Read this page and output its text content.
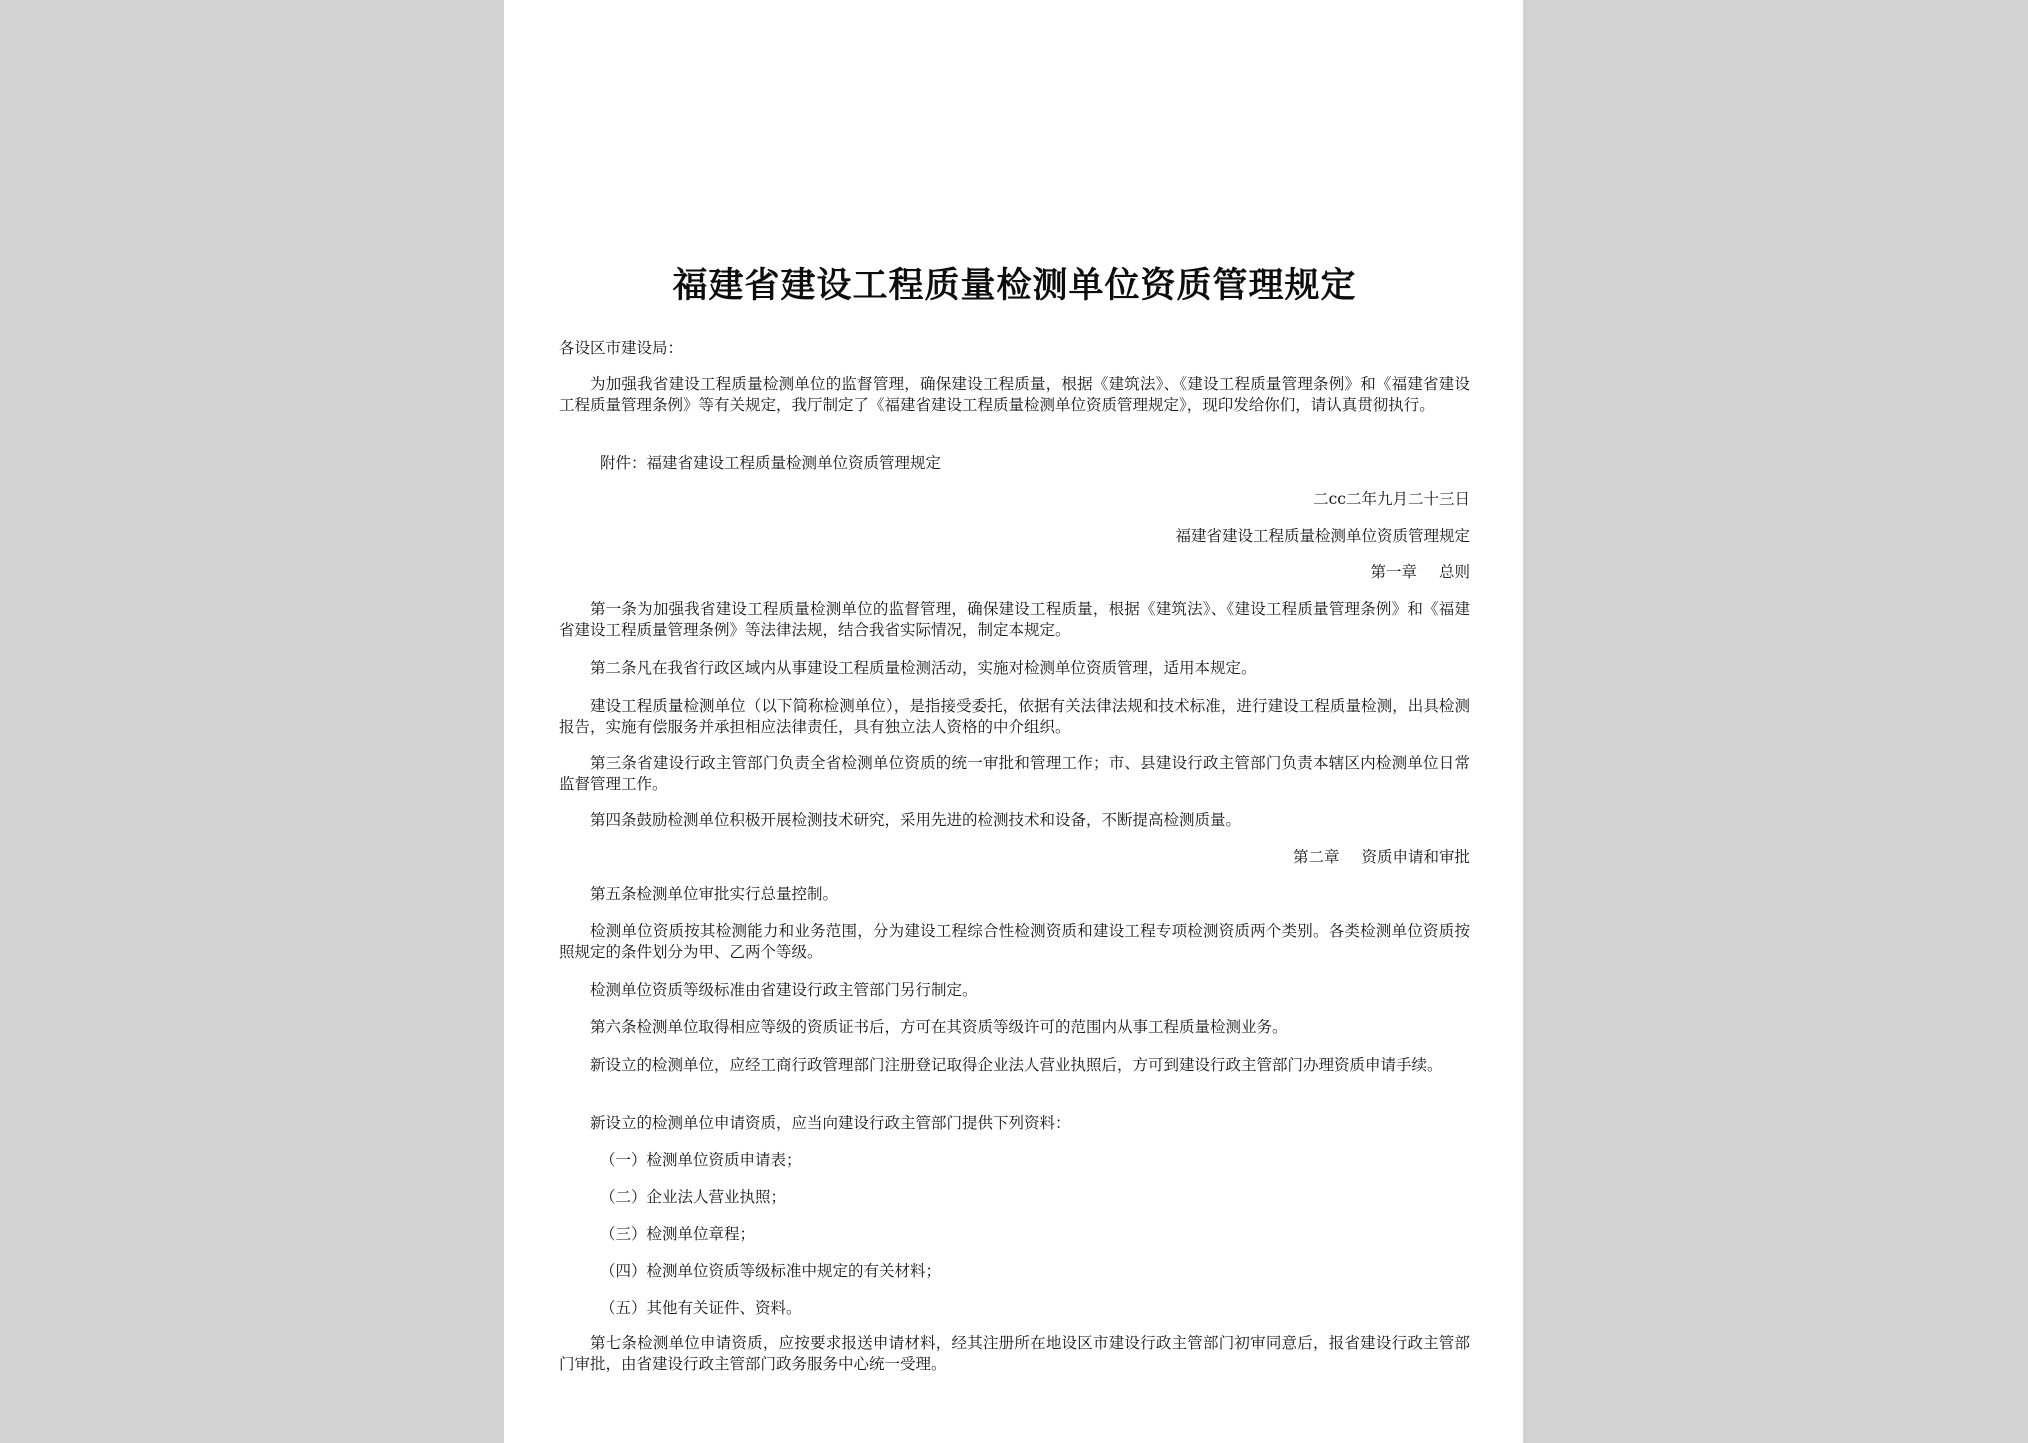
福建省建设工程质量检测单位资质管理规定
各设区市建设局：
为加强我省建设工程质量检测单位的监督管理，确保建设工程质量，根据《建筑法》、《建设工程质量管理条例》和《福建省建设工程质量管理条例》等有关规定，我厅制定了《福建省建设工程质量检测单位资质管理规定》，现印发给你们，请认真贯彻执行。
附件：福建省建设工程质量检测单位资质管理规定
二cc二年九月二十三日
福建省建设工程质量检测单位资质管理规定
第一章 总则
第一条为加强我省建设工程质量检测单位的监督管理，确保建设工程质量，根据《建筑法》、《建设工程质量管理条例》和《福建省建设工程质量管理条例》等法律法规，结合我省实际情况，制定本规定。
第二条凡在我省行政区域内从事建设工程质量检测活动，实施对检测单位资质管理，适用本规定。
建设工程质量检测单位（以下简称检测单位），是指接受委托，依据有关法律法规和技术标准，进行建设工程质量检测，出具检测报告，实施有偿服务并承担相应法律责任，具有独立法人资格的中介组织。
第三条省建设行政主管部门负责全省检测单位资质的统一审批和管理工作；市、县建设行政主管部门负责本辖区内检测单位日常监督管理工作。
第四条鼓励检测单位积极开展检测技术研究，采用先进的检测技术和设备，不断提高检测质量。
第二章 资质申请和审批
第五条检测单位审批实行总量控制。
检测单位资质按其检测能力和业务范围，分为建设工程综合性检测资质和建设工程专项检测资质两个类别。各类检测单位资质按照规定的条件划分为甲、乙两个等级。
检测单位资质等级标准由省建设行政主管部门另行制定。
第六条检测单位取得相应等级的资质证书后，方可在其资质等级许可的范围内从事工程质量检测业务。
新设立的检测单位，应经工商行政管理部门注册登记取得企业法人营业执照后，方可到建设行政主管部门办理资质申请手续。
新设立的检测单位申请资质，应当向建设行政主管部门提供下列资料：
（一）检测单位资质申请表；
（二）企业法人营业执照；
（三）检测单位章程；
（四）检测单位资质等级标准中规定的有关材料；
（五）其他有关证件、资料。
第七条检测单位申请资质，应按要求报送申请材料，经其注册所在地设区市建设行政主管部门初审同意后，报省建设行政主管部门审批，由省建设行政主管部门政务服务中心统一受理。
